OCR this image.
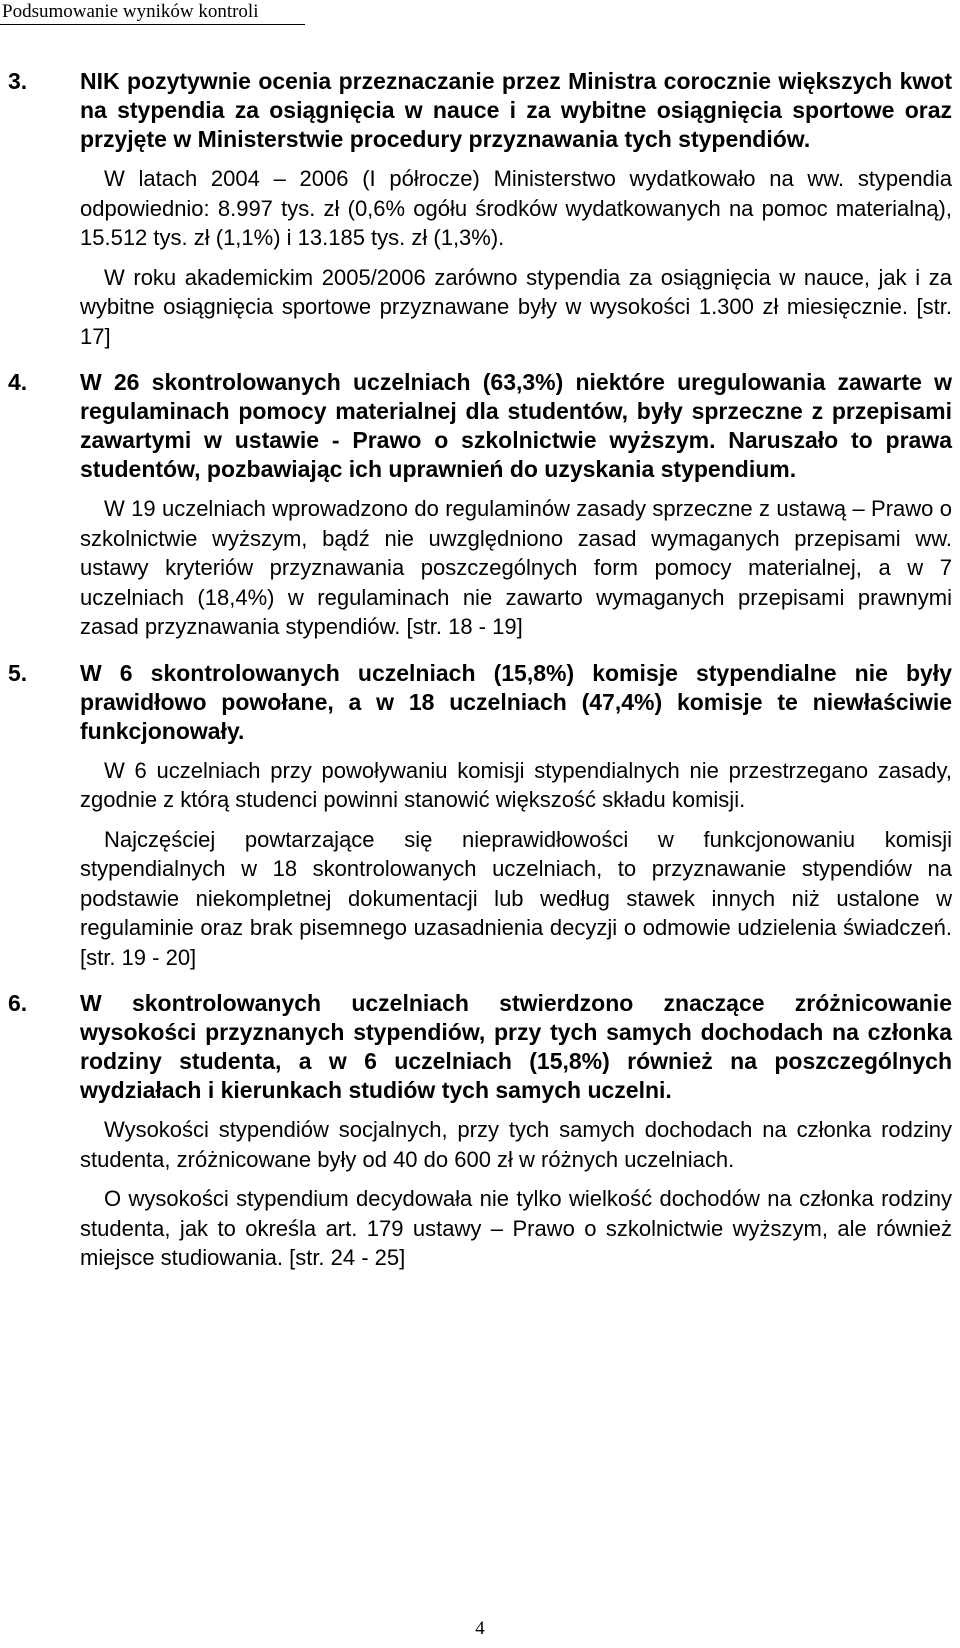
Podsumowanie wyników kontroli
3. NIK pozytywnie ocenia przeznaczanie przez Ministra corocznie większych kwot na stypendia za osiągnięcia w nauce i za wybitne osiągnięcia sportowe oraz przyjęte w Ministerstwie procedury przyznawania tych stypendiów.

W latach 2004 – 2006 (I półrocze) Ministerstwo wydatkowało na ww. stypendia odpowiednio: 8.997 tys. zł (0,6% ogółu środków wydatkowanych na pomoc materialną), 15.512 tys. zł (1,1%) i 13.185 tys. zł (1,3%).

W roku akademickim 2005/2006 zarówno stypendia za osiągnięcia w nauce, jak i za wybitne osiągnięcia sportowe przyznawane były w wysokości 1.300 zł miesięcznie. [str. 17]

4. W 26 skontrolowanych uczelniach (63,3%) niektóre uregulowania zawarte w regulaminach pomocy materialnej dla studentów, były sprzeczne z przepisami zawartymi w ustawie - Prawo o szkolnictwie wyższym. Naruszało to prawa studentów, pozbawiając ich uprawnień do uzyskania stypendium.

W 19 uczelniach wprowadzono do regulaminów zasady sprzeczne z ustawą – Prawo o szkolnictwie wyższym, bądź nie uwzględniono zasad wymaganych przepisami ww. ustawy kryteriów przyznawania poszczególnych form pomocy materialnej, a w 7 uczelniach (18,4%) w regulaminach nie zawarto wymaganych przepisami prawnymi zasad przyznawania stypendiów. [str. 18 - 19]

5. W 6 skontrolowanych uczelniach (15,8%) komisje stypendialne nie były prawidłowo powołane, a w 18 uczelniach (47,4%) komisje te niewłaściwie funkcjonowały.

W 6 uczelniach przy powoływaniu komisji stypendialnych nie przestrzegano zasady, zgodnie z którą studenci powinni stanowić większość składu komisji.

Najczęściej powtarzające się nieprawidłowości w funkcjonowaniu komisji stypendialnych w 18 skontrolowanych uczelniach, to przyznawanie stypendiów na podstawie niekompletnej dokumentacji lub według stawek innych niż ustalone w regulaminie oraz brak pisemnego uzasadnienia decyzji o odmowie udzielenia świadczeń. [str. 19 - 20]

6. W skontrolowanych uczelniach stwierdzono znaczące zróżnicowanie wysokości przyznanych stypendiów, przy tych samych dochodach na członka rodziny studenta, a w 6 uczelniach (15,8%) również na poszczególnych wydziałach i kierunkach studiów tych samych uczelni.

Wysokości stypendiów socjalnych, przy tych samych dochodach na członka rodziny studenta, zróżnicowane były od 40 do 600 zł w różnych uczelniach.

O wysokości stypendium decydowała nie tylko wielkość dochodów na członka rodziny studenta, jak to określa art. 179 ustawy – Prawo o szkolnictwie wyższym, ale również miejsce studiowania. [str. 24 - 25]

4
